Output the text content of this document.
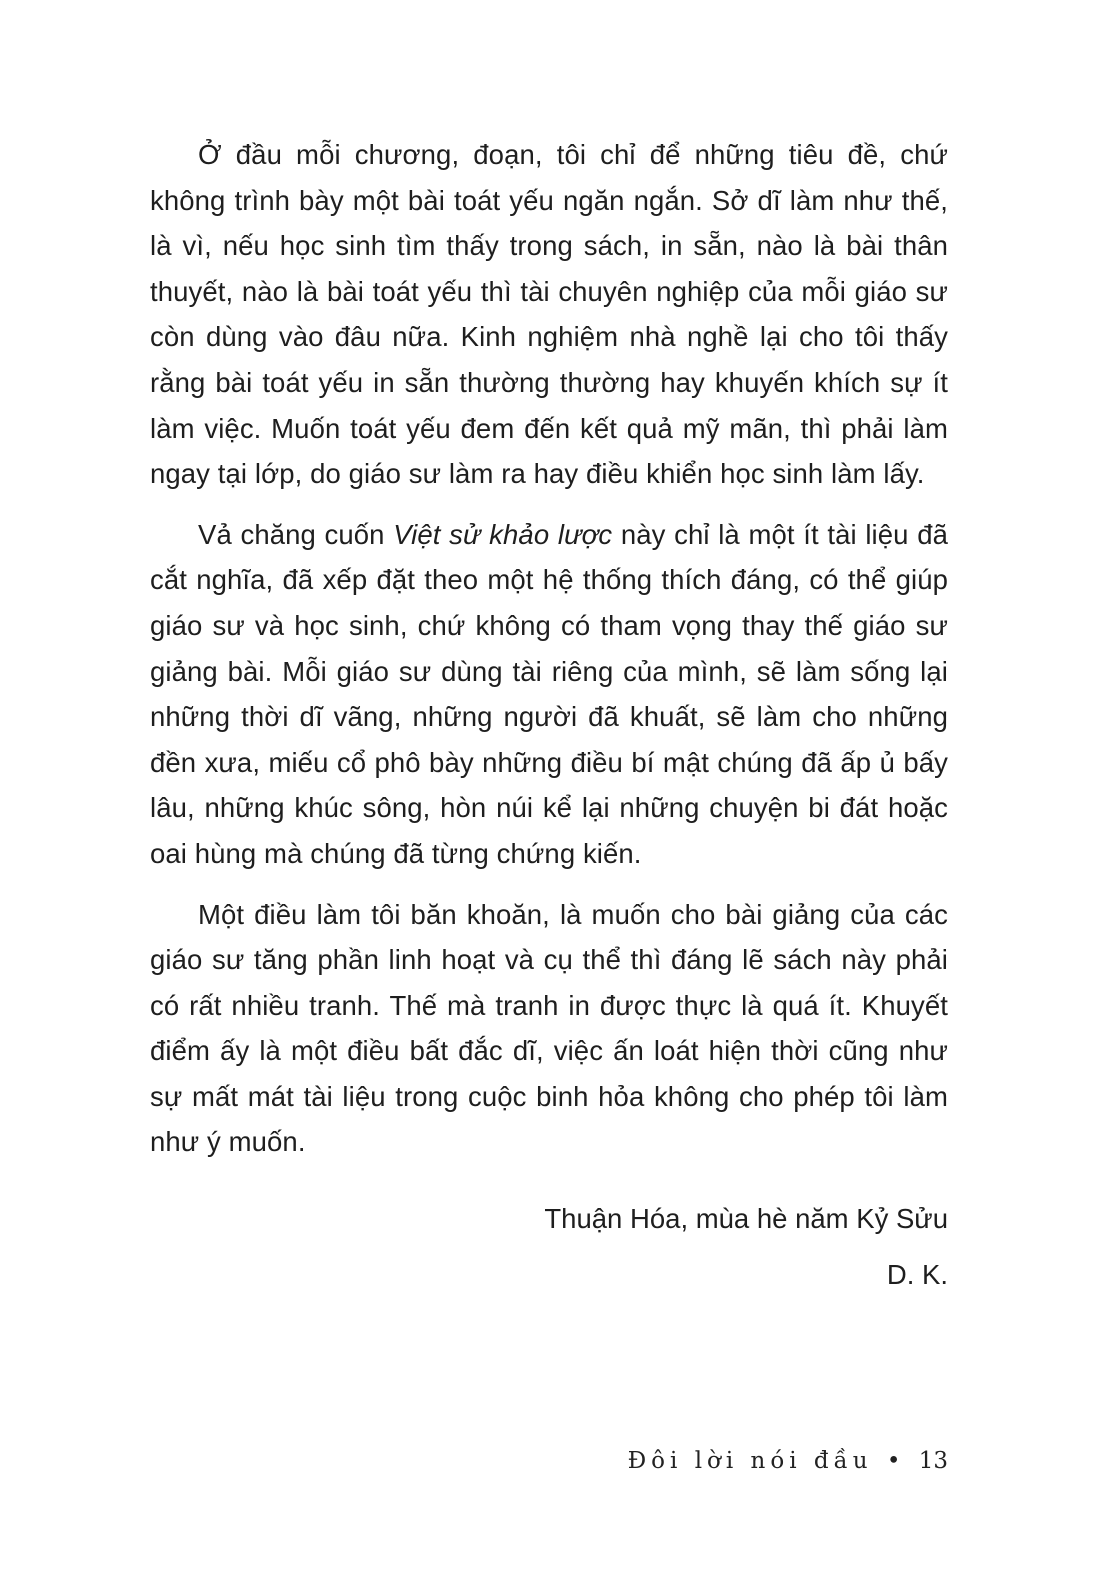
Ở đầu mỗi chương, đoạn, tôi chỉ để những tiêu đề, chứ không trình bày một bài toát yếu ngăn ngắn. Sở dĩ làm như thế, là vì, nếu học sinh tìm thấy trong sách, in sẵn, nào là bài thân thuyết, nào là bài toát yếu thì tài chuyên nghiệp của mỗi giáo sư còn dùng vào đâu nữa. Kinh nghiệm nhà nghề lại cho tôi thấy rằng bài toát yếu in sẵn thường thường hay khuyến khích sự ít làm việc. Muốn toát yếu đem đến kết quả mỹ mãn, thì phải làm ngay tại lớp, do giáo sư làm ra hay điều khiển học sinh làm lấy.

Vả chăng cuốn Việt sử khảo lược này chỉ là một ít tài liệu đã cắt nghĩa, đã xếp đặt theo một hệ thống thích đáng, có thể giúp giáo sư và học sinh, chứ không có tham vọng thay thế giáo sư giảng bài. Mỗi giáo sư dùng tài riêng của mình, sẽ làm sống lại những thời dĩ vãng, những người đã khuất, sẽ làm cho những đền xưa, miếu cổ phô bày những điều bí mật chúng đã ấp ủ bấy lâu, những khúc sông, hòn núi kể lại những chuyện bi đát hoặc oai hùng mà chúng đã từng chứng kiến.

Một điều làm tôi băn khoăn, là muốn cho bài giảng của các giáo sư tăng phần linh hoạt và cụ thể thì đáng lẽ sách này phải có rất nhiều tranh. Thế mà tranh in được thực là quá ít. Khuyết điểm ấy là một điều bất đắc dĩ, việc ấn loát hiện thời cũng như sự mất mát tài liệu trong cuộc binh hỏa không cho phép tôi làm như ý muốn.

Thuận Hóa, mùa hè năm Kỷ Sửu
D. K.
Đôi lời nói đầu • 13
